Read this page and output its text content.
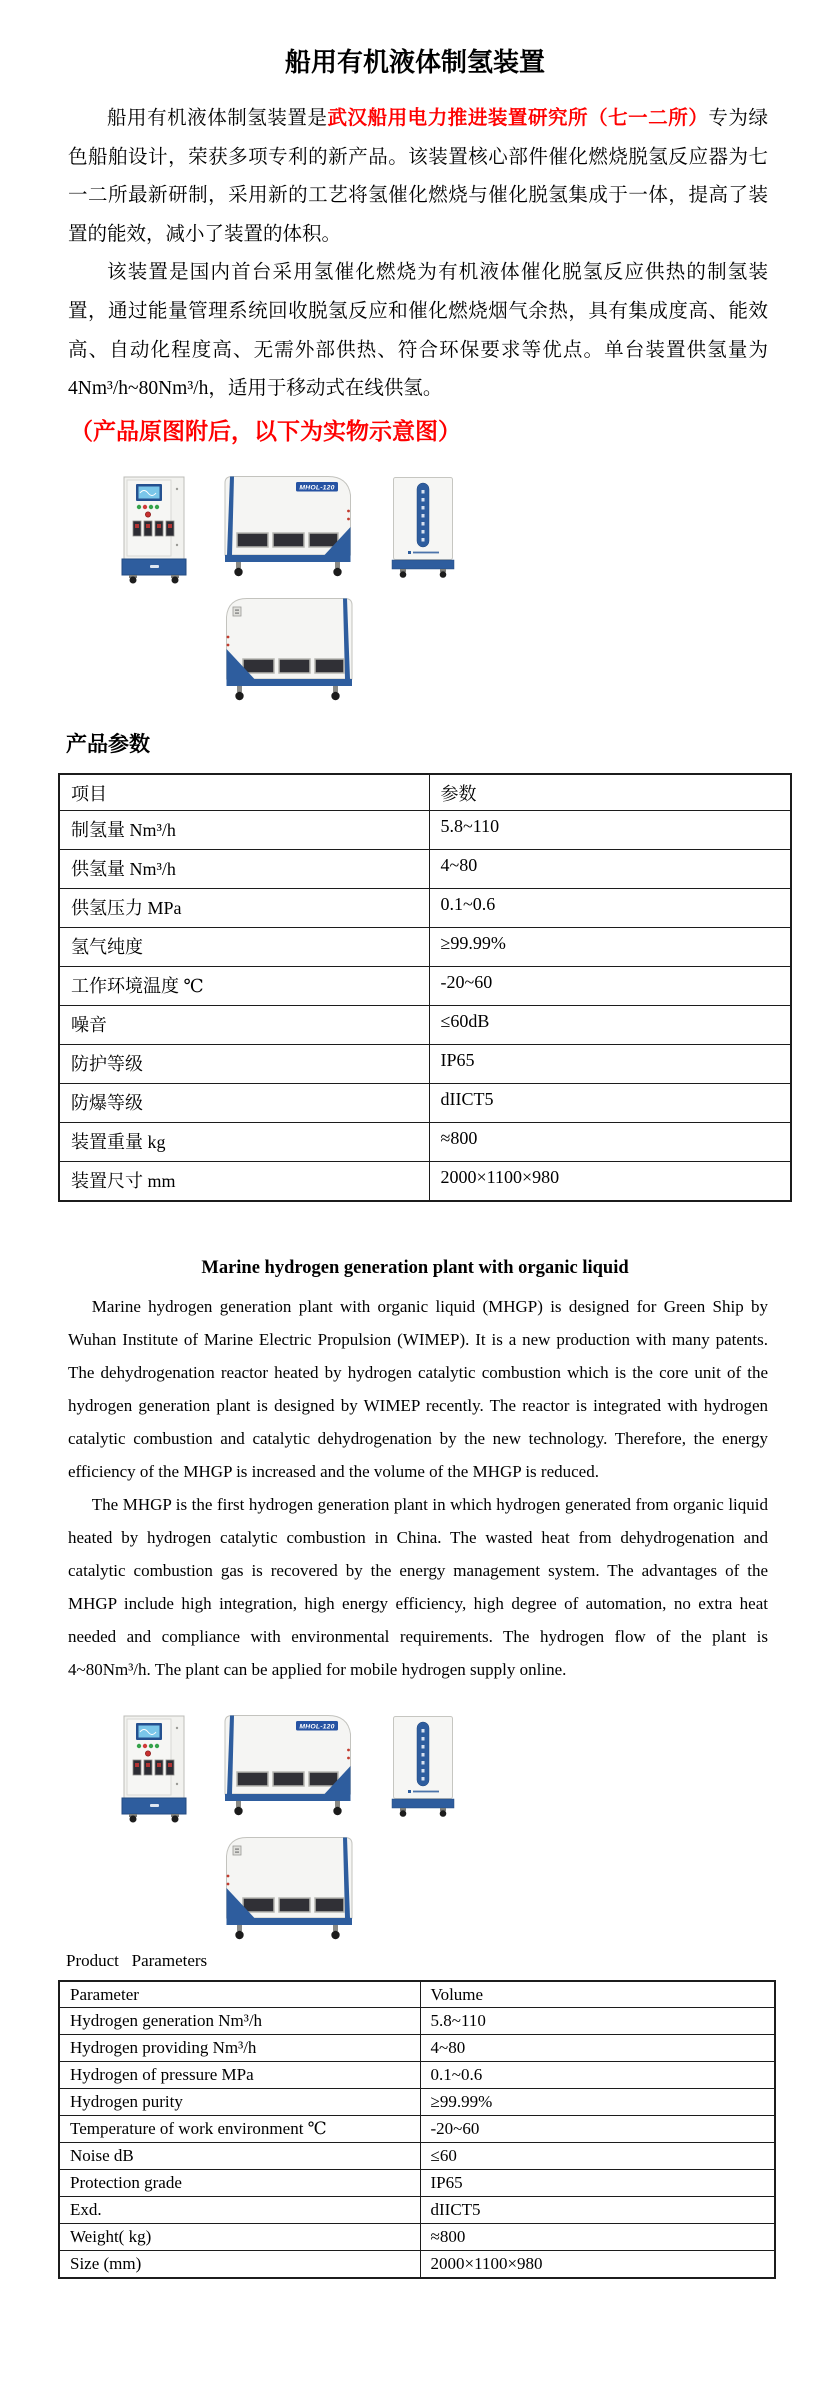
船用有机液体制氢装置

船用有机液体制氢装置是武汉船用电力推进装置研究所（七一二所）专为绿色船舶设计，荣获多项专利的新产品。该装置核心部件催化燃烧脱氢反应器为七一二所最新研制，采用新的工艺将氢催化燃烧与催化脱氢集成于一体，提高了装置的能效，减小了装置的体积。

该装置是国内首台采用氢催化燃烧为有机液体催化脱氢反应供热的制氢装置，通过能量管理系统回收脱氢反应和催化燃烧烟气余热，具有集成度高、能效高、自动化程度高、无需外部供热、符合环保要求等优点。单台装置供氢量为4Nm³/h~80Nm³/h，适用于移动式在线供氢。

（产品原图附后，以下为实物示意图）

MHOL-120
产品参数
项目	参数
制氢量 Nm³/h	5.8~110
供氢量 Nm³/h	4~80
供氢压力 MPa	0.1~0.6
氢气纯度	≥99.99%
工作环境温度 ℃	-20~60
噪音	≤60dB
防护等级	IP65
防爆等级	dIICT5
装置重量 kg	≈800
装置尺寸 mm	2000×1100×980
Marine hydrogen generation plant with organic liquid

Marine hydrogen generation plant with organic liquid (MHGP) is designed for Green Ship by Wuhan Institute of Marine Electric Propulsion (WIMEP). It is a new production with many patents. The dehydrogenation reactor heated by hydrogen catalytic combustion which is the core unit of the hydrogen generation plant is designed by WIMEP recently. The reactor is integrated with hydrogen catalytic combustion and catalytic dehydrogenation by the new technology. Therefore, the energy efficiency of the MHGP is increased and the volume of the MHGP is reduced.

The MHGP is the first hydrogen generation plant in which hydrogen generated from organic liquid heated by hydrogen catalytic combustion in China. The wasted heat from dehydrogenation and catalytic combustion gas is recovered by the energy management system. The advantages of the MHGP include high integration, high energy efficiency, high degree of automation, no extra heat needed and compliance with environmental requirements. The hydrogen flow of the plant is 4~80Nm³/h. The plant can be applied for mobile hydrogen supply online.

Product   Parameters
Parameter	Volume
Hydrogen generation Nm³/h	5.8~110
Hydrogen providing Nm³/h	4~80
Hydrogen of pressure MPa	0.1~0.6
Hydrogen purity	≥99.99%
Temperature of work environment ℃	-20~60
Noise dB	≤60
Protection grade	IP65
Exd.	dIICT5
Weight( kg)	≈800
Size (mm)	2000×1100×980
